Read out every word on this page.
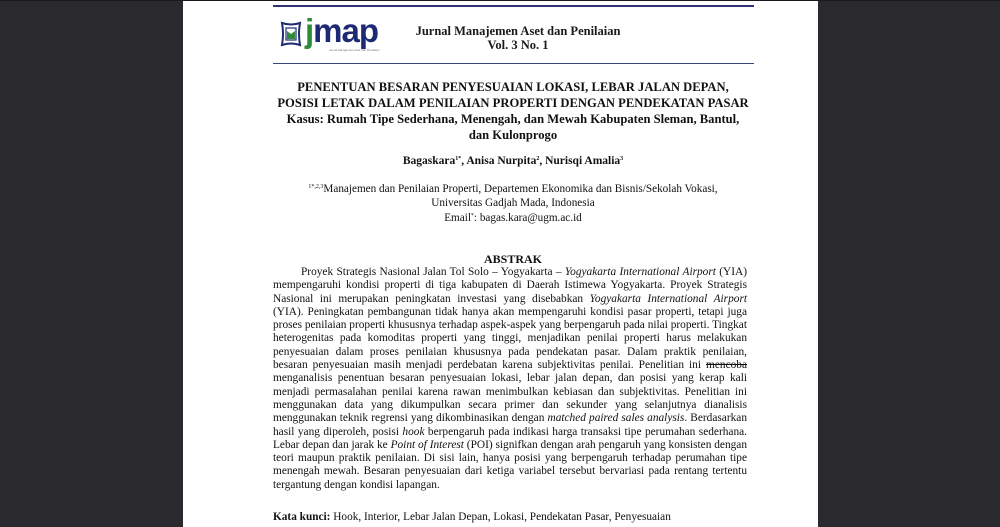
jmap
Jurnal Manajemen Aset dan Penilaian
Jurnal Manajemen Aset dan Penilaian
Vol. 3 No. 1
PENENTUAN BESARAN PENYESUAIAN LOKASI, LEBAR JALAN DEPAN,
POSISI LETAK DALAM PENILAIAN PROPERTI DENGAN PENDEKATAN PASAR
Kasus: Rumah Tipe Sederhana, Menengah, dan Mewah Kabupaten Sleman, Bantul,
dan Kulonprogo
Bagaskara$^{1*}$, Anisa Nurpita$^2$, Nurisqi Amalia$^3$
$^{1*,2,3}$Manajemen dan Penilaian Properti, Departemen Ekonomika dan Bisnis/Sekolah Vokasi,
Universitas Gadjah Mada, Indonesia
Email*: bagas.kara@ugm.ac.id
ABSTRAK

Proyek Strategis Nasional Jalan Tol Solo – Yogyakarta – Yogyakarta International Airport (YIA) mempengaruhi kondisi properti di tiga kabupaten di Daerah Istimewa Yogyakarta. Proyek Strategis Nasional ini merupakan peningkatan investasi yang disebabkan Yogyakarta International Airport (YIA). Peningkatan pembangunan tidak hanya akan mempengaruhi kondisi pasar properti, tetapi juga proses penilaian properti khususnya terhadap aspek-aspek yang berpengaruh pada nilai properti. Tingkat heterogenitas pada komoditas properti yang tinggi, menjadikan penilai properti harus melakukan penyesuaian dalam proses penilaian khususnya pada pendekatan pasar. Dalam praktik penilaian, besaran penyesuaian masih menjadi perdebatan karena subjektivitas penilai. Penelitian ini mencoba menganalisis penentuan besaran penyesuaian lokasi, lebar jalan depan, dan posisi yang kerap kali menjadi permasalahan penilai karena rawan menimbulkan kebiasan dan subjektivitas. Penelitian ini menggunakan data yang dikumpulkan secara primer dan sekunder yang selanjutnya dianalisis menggunakan teknik regrensi yang dikombinasikan dengan matched paired sales analysis. Berdasarkan hasil yang diperoleh, posisi hook berpengaruh pada indikasi harga transaksi tipe perumahan sederhana. Lebar depan dan jarak ke Point of Interest (POI) signifkan dengan arah pengaruh yang konsisten dengan teori maupun praktik penilaian. Di sisi lain, hanya posisi yang berpengaruh terhadap perumahan tipe menengah mewah. Besaran penyesuaian dari ketiga variabel tersebut bervariasi pada rentang tertentu tergantung dengan kondisi lapangan.

Kata kunci: Hook, Interior, Lebar Jalan Depan, Lokasi, Pendekatan Pasar, Penyesuaian
